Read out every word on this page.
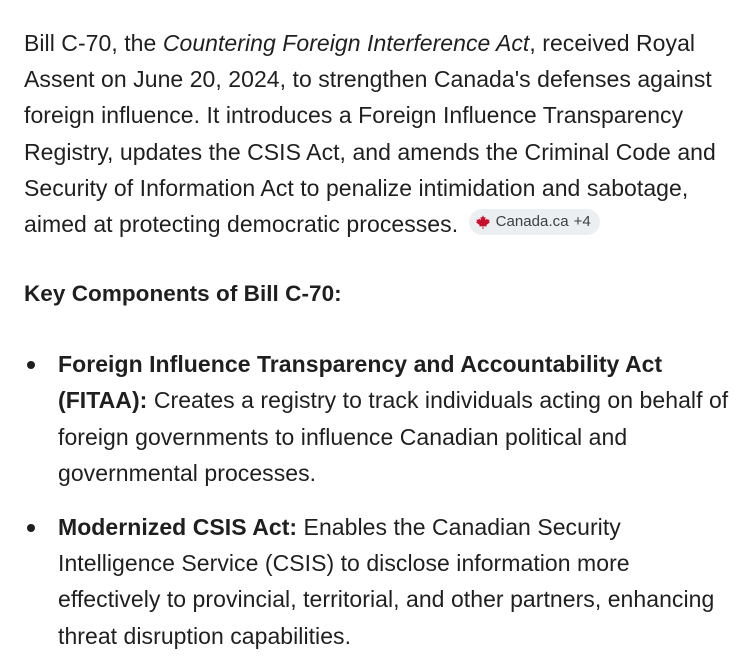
Bill C-70, the Countering Foreign Interference Act, received Royal Assent on June 20, 2024, to strengthen Canada's defenses against foreign influence. It introduces a Foreign Influence Transparency Registry, updates the CSIS Act, and amends the Criminal Code and Security of Information Act to penalize intimidation and sabotage, aimed at protecting democratic processes. Canada.ca +4

Key Components of Bill C-70:
Foreign Influence Transparency and Accountability Act (FITAA): Creates a registry to track individuals acting on behalf of foreign governments to influence Canadian political and governmental processes.
Modernized CSIS Act: Enables the Canadian Security Intelligence Service (CSIS) to disclose information more effectively to provincial, territorial, and other partners, enhancing threat disruption capabilities.
